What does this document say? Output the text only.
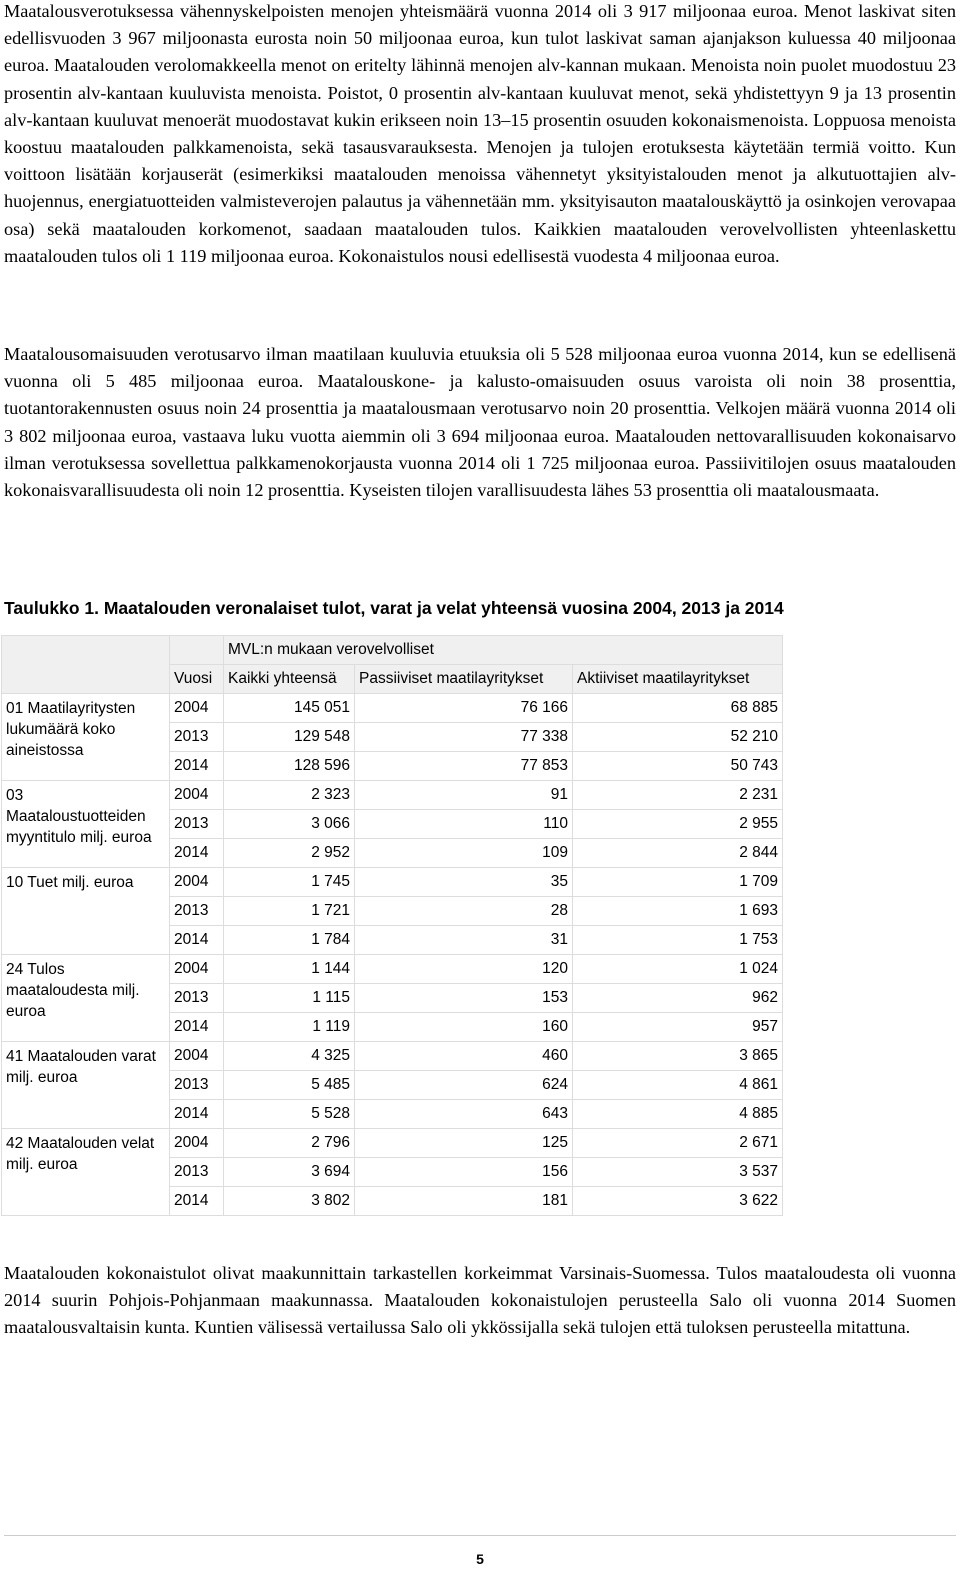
Maatalousverotuksessa vähennyskelpoisten menojen yhteismäärä vuonna 2014 oli 3 917 miljoonaa euroa. Menot laskivat siten edellisvuoden 3 967 miljoonasta eurosta noin 50 miljoonaa euroa, kun tulot laskivat saman ajanjakson kuluessa 40 miljoonaa euroa. Maatalouden verolomakkeella menot on eritelty lähinnä menojen alv-kannan mukaan. Menoista noin puolet muodostuu 23 prosentin alv-kantaan kuuluvista menoista. Poistot, 0 prosentin alv-kantaan kuuluvat menot, sekä yhdistettyyn 9 ja 13 prosentin alv-kantaan kuuluvat menoerät muodostavat kukin erikseen noin 13–15 prosentin osuuden kokonaismenoista. Loppuosa menoista koostuu maatalouden palkkamenoista, sekä tasausvarauksesta. Menojen ja tulojen erotuksesta käytetään termiä voitto. Kun voittoon lisätään korjauserät (esimerkiksi maatalouden menoissa vähennetyt yksityistalouden menot ja alkutuottajien alv-huojennus, energiatuotteiden valmisteverojen palautus ja vähennetään mm. yksityisauton maatalouskäyttö ja osinkojen verovapaa osa) sekä maatalouden korkomenot, saadaan maatalouden tulos. Kaikkien maatalouden verovelvollisten yhteenlaskettu maatalouden tulos oli 1 119 miljoonaa euroa. Kokonaistulos nousi edellisestä vuodesta 4 miljoonaa euroa.

Maatalousomaisuuden verotusarvo ilman maatilaan kuuluvia etuuksia oli 5 528 miljoonaa euroa vuonna 2014, kun se edellisenä vuonna oli 5 485 miljoonaa euroa. Maatalouskone- ja kalusto-omaisuuden osuus varoista oli noin 38 prosenttia, tuotantorakennusten osuus noin 24 prosenttia ja maatalousmaan verotusarvo noin 20 prosenttia. Velkojen määrä vuonna 2014 oli 3 802 miljoonaa euroa, vastaava luku vuotta aiemmin oli 3 694 miljoonaa euroa. Maatalouden nettovarallisuuden kokonaisarvo ilman verotuksessa sovellettua palkkamenokorjausta vuonna 2014 oli 1 725 miljoonaa euroa. Passiivitilojen osuus maatalouden kokonaisvarallisuudesta oli noin 12 prosenttia. Kyseisten tilojen varallisuudesta lähes 53 prosenttia oli maatalousmaata.

Taulukko 1. Maatalouden veronalaiset tulot, varat ja velat yhteensä vuosina 2004, 2013 ja 2014
		MVL:n mukaan verovelvolliset		
	Vuosi	Kaikki yhteensä	Passiiviset maatilayritykset	Aktiiviset maatilayritykset
01 Maatilayritysten lukumäärä koko aineistossa	2004	145 051	76 166	68 885
	2013	129 548	77 338	52 210
	2014	128 596	77 853	50 743
03 Maataloustuotteiden myyntitulo milj. euroa	2004	2 323	91	2 231
	2013	3 066	110	2 955
	2014	2 952	109	2 844
10 Tuet milj. euroa	2004	1 745	35	1 709
	2013	1 721	28	1 693
	2014	1 784	31	1 753
24 Tulos maataloudesta milj. euroa	2004	1 144	120	1 024
	2013	1 115	153	962
	2014	1 119	160	957
41 Maatalouden varat milj. euroa	2004	4 325	460	3 865
	2013	5 485	624	4 861
	2014	5 528	643	4 885
42 Maatalouden velat milj. euroa	2004	2 796	125	2 671
	2013	3 694	156	3 537
	2014	3 802	181	3 622

Maatalouden kokonaistulot olivat maakunnittain tarkastellen korkeimmat Varsinais-Suomessa. Tulos maataloudesta oli vuonna 2014 suurin Pohjois-Pohjanmaan maakunnassa. Maatalouden kokonaistulojen perusteella Salo oli vuonna 2014 Suomen maatalousvaltaisin kunta. Kuntien välisessä vertailussa Salo oli ykkössijalla sekä tulojen että tuloksen perusteella mitattuna.

5
